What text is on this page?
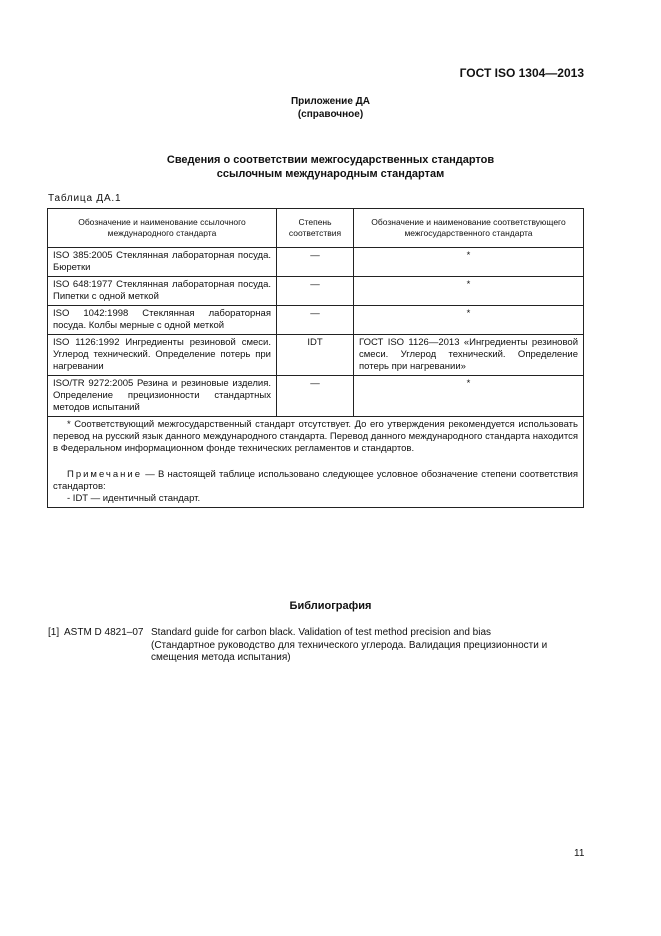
ГОСТ ISO 1304—2013
Приложение ДА
(справочное)
Сведения о соответствии межгосударственных стандартов
ссылочным международным стандартам
Таблица ДА.1
Обозначение и наименование ссылочного международного стандарта	Степень соответствия	Обозначение и наименование соответствующего межгосударственного стандарта
ISO 385:2005 Стеклянная лабораторная посуда. Бюретки	—	*
ISO 648:1977 Стеклянная лабораторная посуда. Пипетки с одной меткой	—	*
ISO 1042:1998 Стеклянная лабораторная посуда. Колбы мерные с одной меткой	—	*
ISO 1126:1992 Ингредиенты резиновой смеси. Углерод технический. Определение потерь при нагревании	IDT	ГОСТ ISO 1126—2013 «Ингредиенты резиновой смеси. Углерод технический. Определение потерь при нагревании»
ISO/TR 9272:2005 Резина и резиновые изделия. Определение прецизионности стандартных методов испытаний	—	*

* Соответствующий межгосударственный стандарт отсутствует. До его утверждения рекомендуется использовать перевод на русский язык данного международного стандарта. Перевод данного международного стандарта находится в Федеральном информационном фонде технических регламентов и стандартов.

Примечание — В настоящей таблице использовано следующее условное обозначение степени соответствия стандартов:

- IDT — идентичный стандарт.		

Библиография
[1] ASTM D 4821–07 Standard guide for carbon black. Validation of test method precision and bias
(Стандартное руководство для технического углерода. Валидация прецизионности и смещения метода испытания)
11
